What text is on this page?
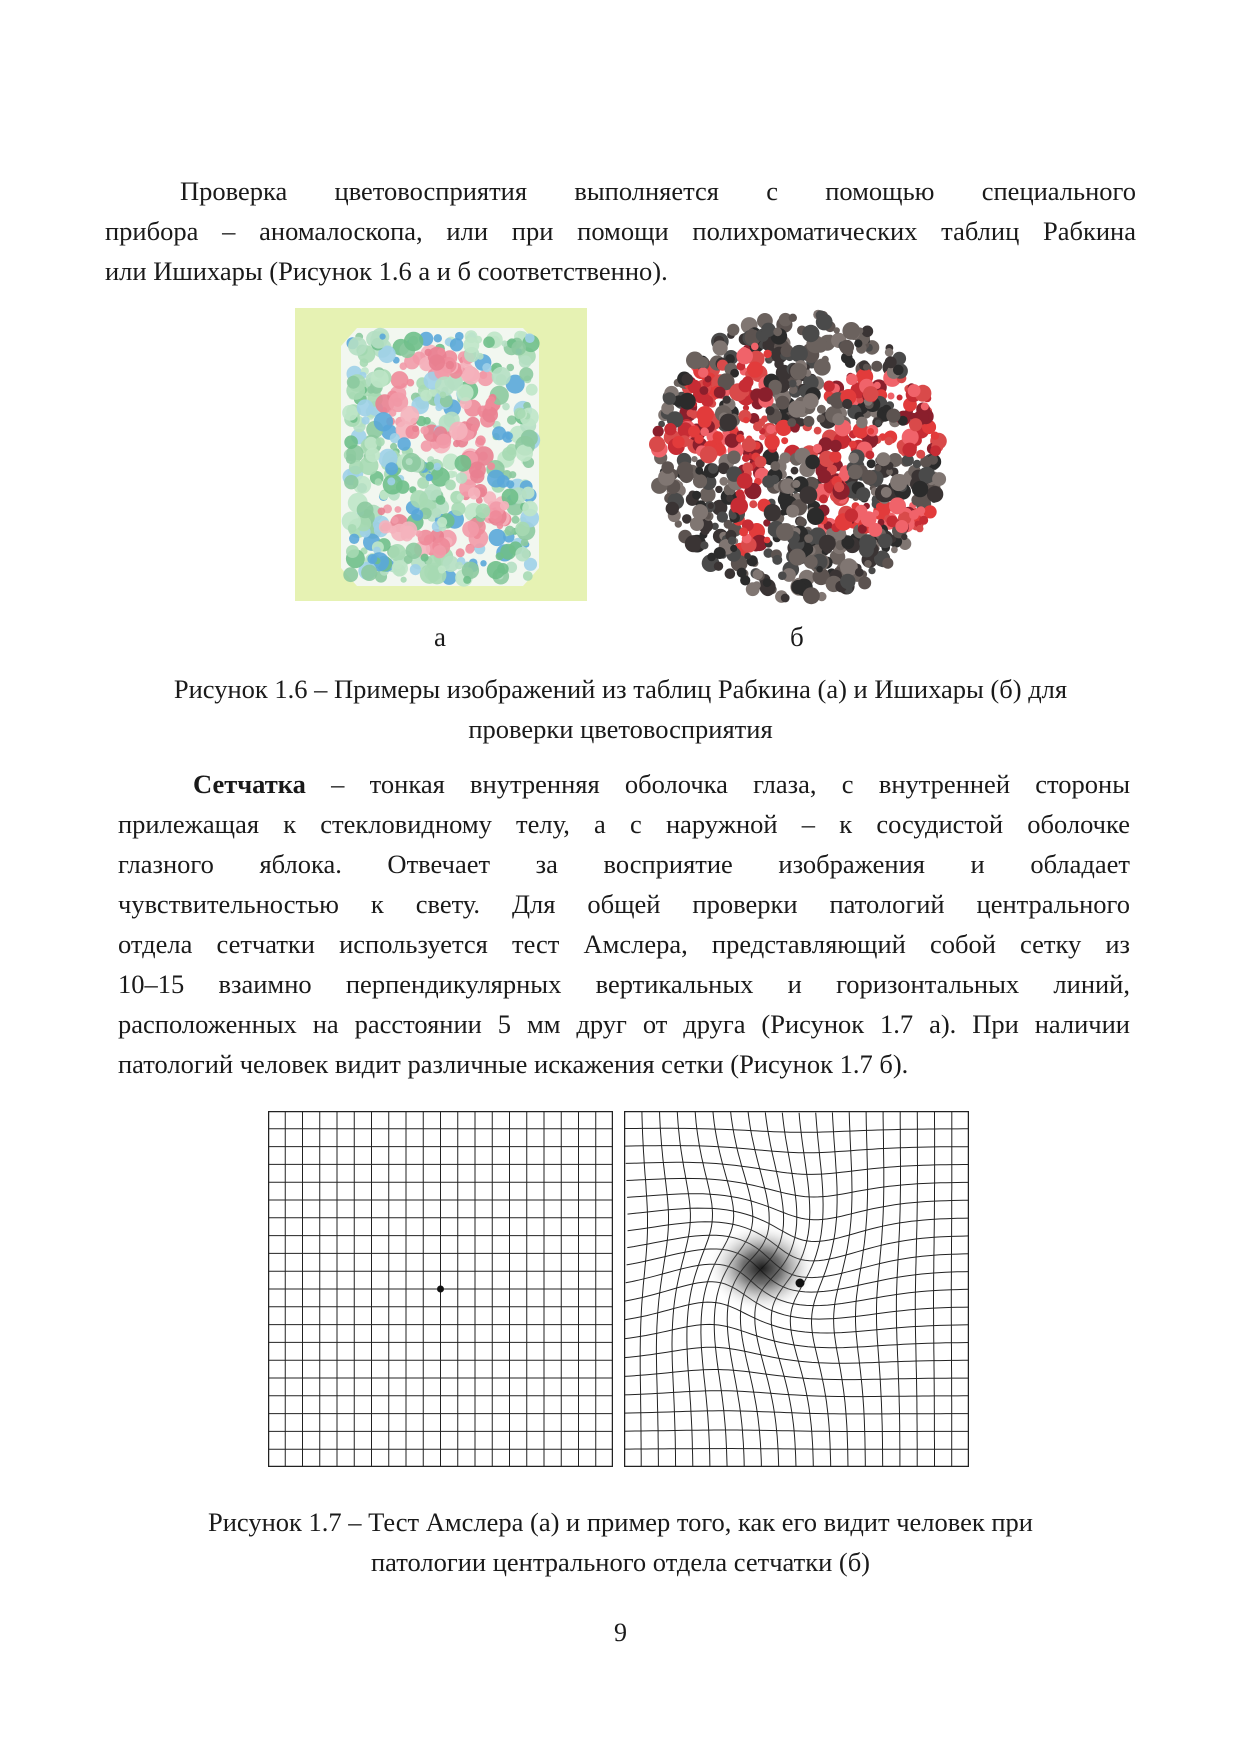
Проверка цветовосприятия выполняется с помощью специального
прибора – аномалоскопа, или при помощи полихроматических таблиц Рабкина
или Ишихары (Рисунок 1.6 а и б соответственно).
а	б
Рисунок 1.6 – Примеры изображений из таблиц Рабкина (а) и Ишихары (б) для
проверки цветовосприятия
Сетчатка – тонкая внутренняя оболочка глаза, с внутренней стороны
прилежащая к стекловидному телу, а с наружной – к сосудистой оболочке
глазного яблока. Отвечает за восприятие изображения и обладает
чувствительностью к свету. Для общей проверки патологий центрального
отдела сетчатки используется тест Амслера, представляющий собой сетку из
10–15 взаимно перпендикулярных вертикальных и горизонтальных линий,
расположенных на расстоянии 5 мм друг от друга (Рисунок 1.7 а). При наличии
патологий человек видит различные искажения сетки (Рисунок 1.7 б).
Рисунок 1.7 – Тест Амслера (а) и пример того, как его видит человек при
патологии центрального отдела сетчатки (б)
9
